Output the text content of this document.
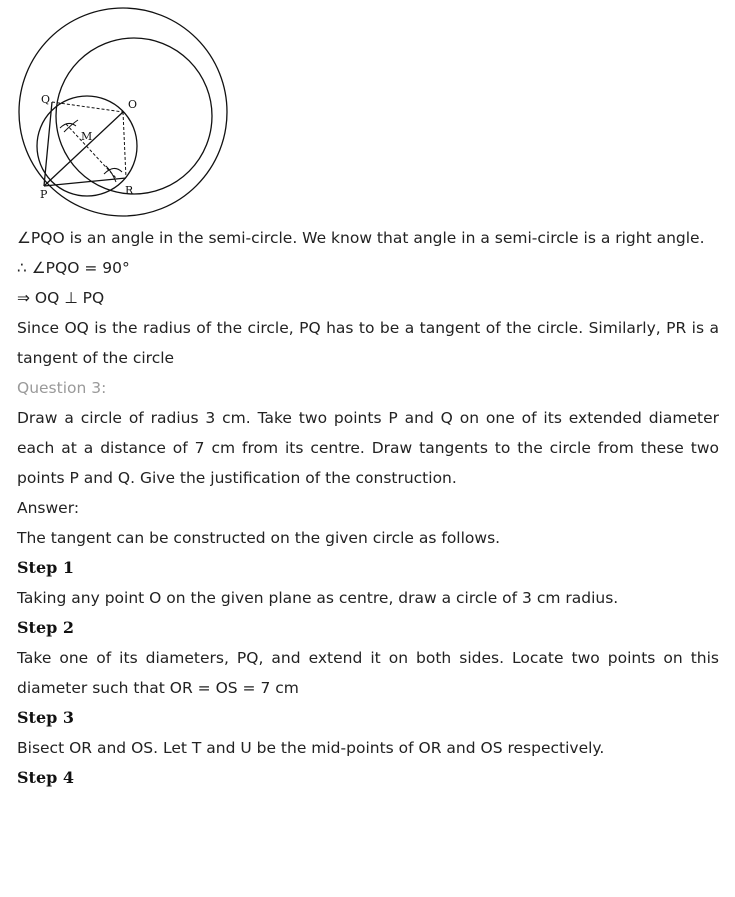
Q	O
M
P	R

∠PQO is an angle in the semi-circle. We know that angle in a semi-circle is a right angle.

∴ ∠PQO = 90°

⇒ OQ ⊥ PQ

Since OQ is the radius of the circle, PQ has to be a tangent of the circle. Similarly, PR is a tangent of the circle

Question 3:

Draw a circle of radius 3 cm. Take two points P and Q on one of its extended diameter each at a distance of 7 cm from its centre. Draw tangents to the circle from these two points P and Q. Give the justification of the construction.

Answer:

The tangent can be constructed on the given circle as follows.

Step 1

Taking any point O on the given plane as centre, draw a circle of 3 cm radius.

Step 2

Take one of its diameters, PQ, and extend it on both sides. Locate two points on this diameter such that OR = OS = 7 cm

Step 3

Bisect OR and OS. Let T and U be the mid-points of OR and OS respectively.

Step 4
